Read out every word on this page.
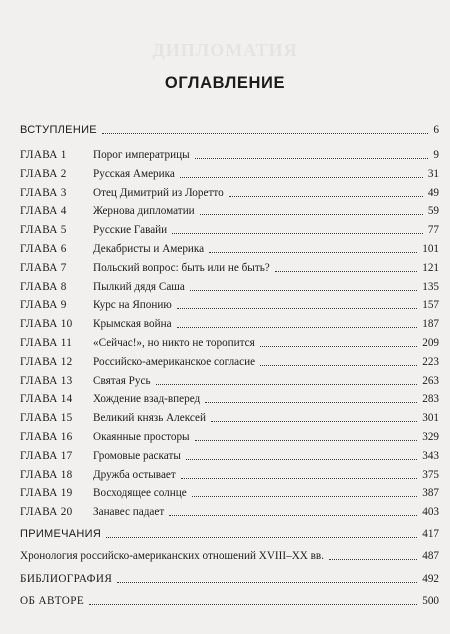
ДИПЛОМАТИЯ
ОГЛАВЛЕНИЕ
ВСТУПЛЕНИЕ	6
ГЛАВА 1	Порог императрицы	9
ГЛАВА 2	Русская Америка	31
ГЛАВА 3	Отец Димитрий из Лоретто	49
ГЛАВА 4	Жернова дипломатии	59
ГЛАВА 5	Русские Гавайи	77
ГЛАВА 6	Декабристы и Америка	101
ГЛАВА 7	Польский вопрос: быть или не быть?	121
ГЛАВА 8	Пылкий дядя Саша	135
ГЛАВА 9	Курс на Японию	157
ГЛАВА 10	Крымская война	187
ГЛАВА 11	«Сейчас!», но никто не торопится	209
ГЛАВА 12	Российско-американское согласие	223
ГЛАВА 13	Святая Русь	263
ГЛАВА 14	Хождение взад-вперед	283
ГЛАВА 15	Великий князь Алексей	301
ГЛАВА 16	Окаянные просторы	329
ГЛАВА 17	Громовые раскаты	343
ГЛАВА 18	Дружба остывает	375
ГЛАВА 19	Восходящее солнце	387
ГЛАВА 20	Занавес падает	403
ПРИМЕЧАНИЯ	417
Хронология российско-американских отношений XVIII–XX вв.	487
БИБЛИОГРАФИЯ	492
ОБ АВТОРЕ	500
